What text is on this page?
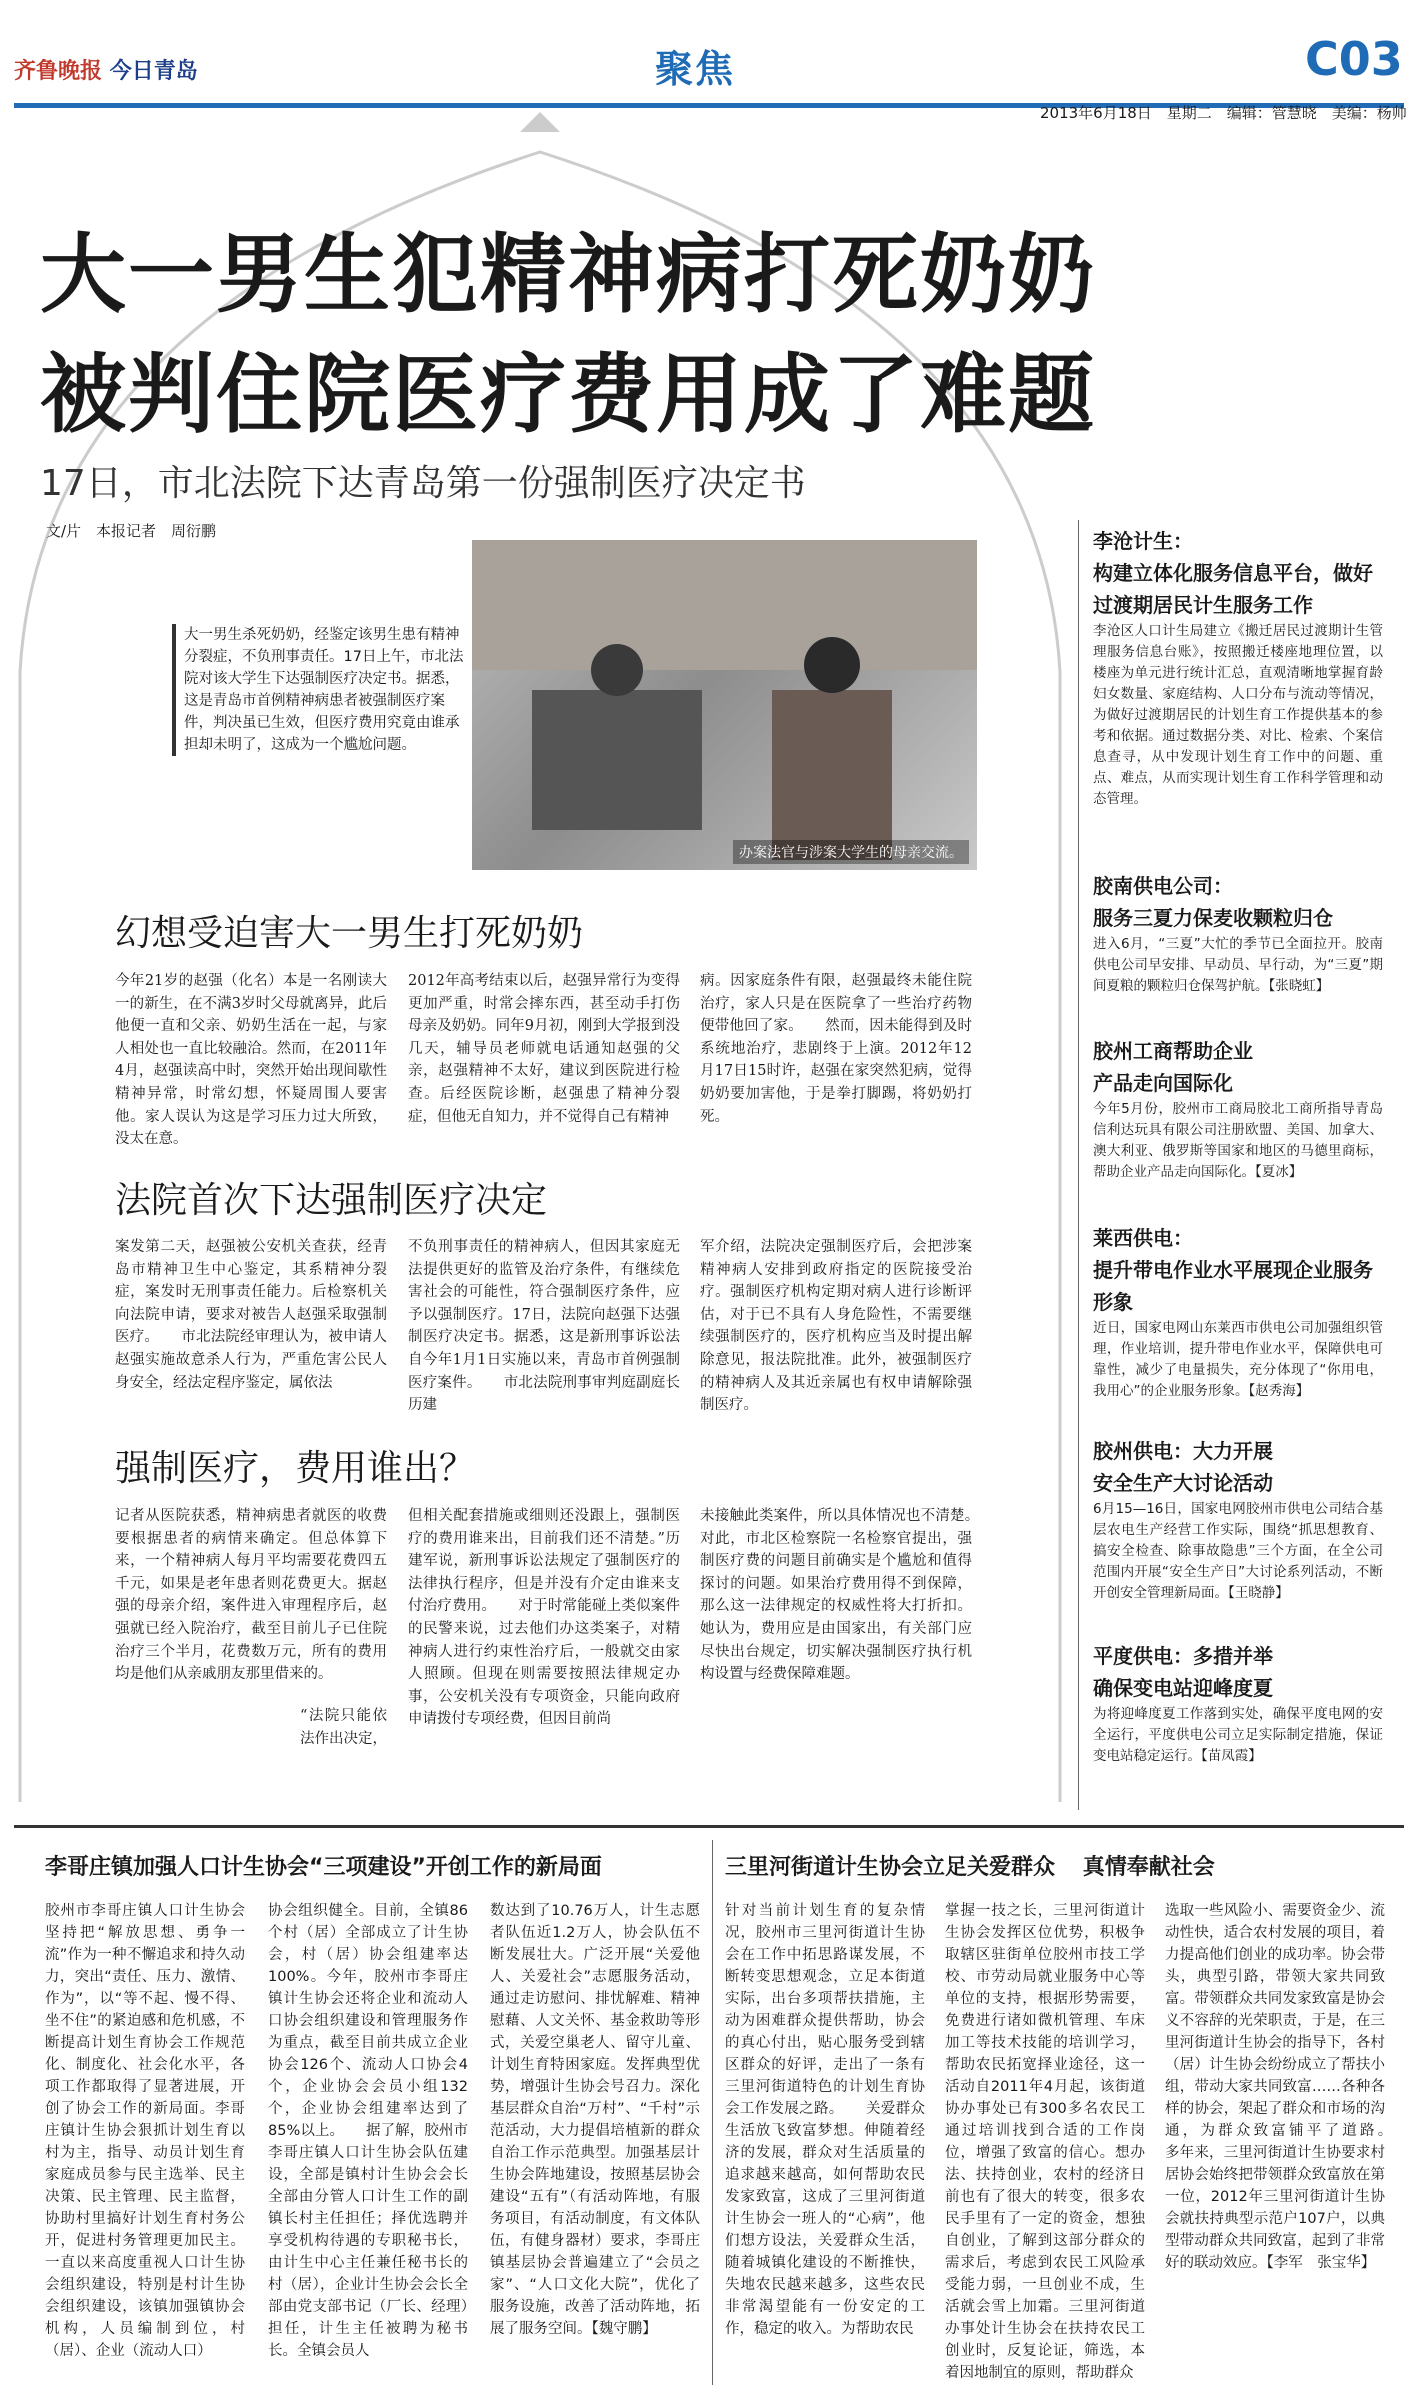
齐鲁晚报 今日青岛	聚焦	C03
2013年6月18日　星期二　编辑：管慧晓　美编：杨帅
大一男生犯精神病打死奶奶
被判住院医疗费用成了难题
17日，市北法院下达青岛第一份强制医疗决定书
文/片　本报记者　周衍鹏
大一男生杀死奶奶，经鉴定该男生患有精神分裂症，不负刑事责任。17日上午，市北法院对该大学生下达强制医疗决定书。据悉，这是青岛市首例精神病患者被强制医疗案件，判决虽已生效，但医疗费用究竟由谁承担却未明了，这成为一个尴尬问题。
办案法官与涉案大学生的母亲交流。
幻想受迫害大一男生打死奶奶
今年21岁的赵强（化名）本是一名刚读大一的新生，在不满3岁时父母就离异，此后他便一直和父亲、奶奶生活在一起，与家人相处也一直比较融洽。然而，在2011年4月，赵强读高中时，突然开始出现间歇性精神异常，时常幻想，怀疑周围人要害他。家人误认为这是学习压力过大所致，没太在意。
2012年高考结束以后，赵强异常行为变得更加严重，时常会摔东西，甚至动手打伤母亲及奶奶。同年9月初，刚到大学报到没几天，辅导员老师就电话通知赵强的父亲，赵强精神不太好，建议到医院进行检查。后经医院诊断，赵强患了精神分裂症，但他无自知力，并不觉得自己有精神
病。因家庭条件有限，赵强最终未能住院治疗，家人只是在医院拿了一些治疗药物便带他回了家。　　然而，因未能得到及时系统地治疗，悲剧终于上演。2012年12月17日15时许，赵强在家突然犯病，觉得奶奶要加害他，于是拳打脚踢，将奶奶打死。
法院首次下达强制医疗决定
案发第二天，赵强被公安机关查获，经青岛市精神卫生中心鉴定，其系精神分裂症，案发时无刑事责任能力。后检察机关向法院申请，要求对被告人赵强采取强制医疗。　　市北法院经审理认为，被申请人赵强实施故意杀人行为，严重危害公民人身安全，经法定程序鉴定，属依法
不负刑事责任的精神病人，但因其家庭无法提供更好的监管及治疗条件，有继续危害社会的可能性，符合强制医疗条件，应予以强制医疗。17日，法院向赵强下达强制医疗决定书。据悉，这是新刑事诉讼法自今年1月1日实施以来，青岛市首例强制医疗案件。　　市北法院刑事审判庭副庭长历建
军介绍，法院决定强制医疗后，会把涉案精神病人安排到政府指定的医院接受治疗。强制医疗机构定期对病人进行诊断评估，对于已不具有人身危险性，不需要继续强制医疗的，医疗机构应当及时提出解除意见，报法院批准。此外，被强制医疗的精神病人及其近亲属也有权申请解除强制医疗。
强制医疗，费用谁出？
记者从医院获悉，精神病患者就医的收费要根据患者的病情来确定。但总体算下来，一个精神病人每月平均需要花费四五千元，如果是老年患者则花费更大。据赵强的母亲介绍，案件进入审理程序后，赵强就已经入院治疗，截至目前儿子已住院治疗三个半月，花费数万元，所有的费用均是他们从亲戚朋友那里借来的。
“法院只能依法作出决定，
但相关配套措施或细则还没跟上，强制医疗的费用谁来出，目前我们还不清楚。”历建军说，新刑事诉讼法规定了强制医疗的法律执行程序，但是并没有介定由谁来支付治疗费用。　　对于时常能碰上类似案件的民警来说，过去他们办这类案子，对精神病人进行约束性治疗后，一般就交由家人照顾。但现在则需要按照法律规定办事，公安机关没有专项资金，只能向政府申请拨付专项经费，但因目前尚
未接触此类案件，所以具体情况也不清楚。　　对此，市北区检察院一名检察官提出，强制医疗费的问题目前确实是个尴尬和值得探讨的问题。如果治疗费用得不到保障，那么这一法律规定的权威性将大打折扣。她认为，费用应是由国家出，有关部门应尽快出台规定，切实解决强制医疗执行机构设置与经费保障难题。
李沧计生：
构建立体化服务信息平台，做好过渡期居民计生服务工作
李沧区人口计生局建立《搬迁居民过渡期计生管理服务信息台账》，按照搬迁楼座地理位置，以楼座为单元进行统计汇总，直观清晰地掌握育龄妇女数量、家庭结构、人口分布与流动等情况，为做好过渡期居民的计划生育工作提供基本的参考和依据。通过数据分类、对比、检索、个案信息查寻，从中发现计划生育工作中的问题、重点、难点，从而实现计划生育工作科学管理和动态管理。
胶南供电公司：
服务三夏力保麦收颗粒归仓
进入6月，“三夏”大忙的季节已全面拉开。胶南供电公司早安排、早动员、早行动，为“三夏”期间夏粮的颗粒归仓保驾护航。【张晓虹】
胶州工商帮助企业
产品走向国际化
今年5月份，胶州市工商局胶北工商所指导青岛信利达玩具有限公司注册欧盟、美国、加拿大、澳大利亚、俄罗斯等国家和地区的马德里商标，帮助企业产品走向国际化。【夏冰】
莱西供电：
提升带电作业水平展现企业服务形象
近日，国家电网山东莱西市供电公司加强组织管理，作业培训，提升带电作业水平，保障供电可靠性，减少了电量损失，充分体现了“你用电，我用心”的企业服务形象。【赵秀海】
胶州供电：大力开展
安全生产大讨论活动
6月15—16日，国家电网胶州市供电公司结合基层农电生产经营工作实际，围绕“抓思想教育、搞安全检查、除事故隐患”三个方面，在全公司范围内开展“安全生产日”大讨论系列活动，不断开创安全管理新局面。【王晓静】
平度供电：多措并举
确保变电站迎峰度夏
为将迎峰度夏工作落到实处，确保平度电网的安全运行，平度供电公司立足实际制定措施，保证变电站稳定运行。【苗凤霞】
李哥庄镇加强人口计生协会“三项建设”开创工作的新局面
胶州市李哥庄镇人口计生协会坚持把“解放思想、勇争一流”作为一种不懈追求和持久动力，突出“责任、压力、激情、作为”，以“等不起、慢不得、坐不住”的紧迫感和危机感，不断提高计划生育协会工作规范化、制度化、社会化水平，各项工作都取得了显著进展，开创了协会工作的新局面。李哥庄镇计生协会狠抓计划生育以村为主，指导、动员计划生育家庭成员参与民主选举、民主决策、民主管理、民主监督，协助村里搞好计划生育村务公开，促进村务管理更加民主。一直以来高度重视人口计生协会组织建设，特别是村计生协会组织建设，该镇加强镇协会机构，人员编制到位，村（居）、企业（流动人口）
协会组织健全。目前，全镇86个村（居）全部成立了计生协会，村（居）协会组建率达100%。今年，胶州市李哥庄镇计生协会还将企业和流动人口协会组织建设和管理服务作为重点，截至目前共成立企业协会126个、流动人口协会4个，企业协会会员小组132个，企业协会组建率达到了85%以上。　　据了解，胶州市李哥庄镇人口计生协会队伍建设，全部是镇村计生协会会长全部由分管人口计生工作的副镇长村主任担任；择优选聘并享受机构待遇的专职秘书长，由计生中心主任兼任秘书长的村（居），企业计生协会会长全部由党支部书记（厂长、经理）担任，计生主任被聘为秘书长。全镇会员人
数达到了10.76万人，计生志愿者队伍近1.2万人，协会队伍不断发展壮大。广泛开展“关爱他人、关爱社会”志愿服务活动，通过走访慰问、排忧解难、精神慰藉、人文关怀、基金救助等形式，关爱空巢老人、留守儿童、计划生育特困家庭。发挥典型优势，增强计生协会号召力。深化基层群众自治“万村”、“千村”示范活动，大力提倡培植新的群众自治工作示范典型。加强基层计生协会阵地建设，按照基层协会建设“五有”（有活动阵地，有服务项目，有活动制度，有文体队伍，有健身器材）要求，李哥庄镇基层协会普遍建立了“会员之家”、“人口文化大院”，优化了服务设施，改善了活动阵地，拓展了服务空间。【魏守鹏】
三里河街道计生协会立足关爱群众 真情奉献社会
针对当前计划生育的复杂情况，胶州市三里河街道计生协会在工作中拓思路谋发展，不断转变思想观念，立足本街道实际，出台多项帮扶措施，主动为困难群众提供帮助，协会的真心付出，贴心服务受到辖区群众的好评，走出了一条有三里河街道特色的计划生育协会工作发展之路。　　关爱群众生活放飞致富梦想。伸随着经济的发展，群众对生活质量的追求越来越高，如何帮助农民发家致富，这成了三里河街道计生协会一班人的“心病”，他们想方设法，关爱群众生活，随着城镇化建设的不断推快，失地农民越来越多，这些农民非常渴望能有一份安定的工作，稳定的收入。为帮助农民
掌握一技之长，三里河街道计生协会发挥区位优势，积极争取辖区驻街单位胶州市技工学校、市劳动局就业服务中心等单位的支持，根据形势需要，免费进行诸如微机管理、车床加工等技术技能的培训学习，帮助农民拓宽择业途径，这一活动自2011年4月起，该街道协办事处已有300多名农民工通过培训找到合适的工作岗位，增强了致富的信心。想办法、扶持创业，农村的经济日前也有了很大的转变，很多农民手里有了一定的资金，想独自创业，了解到这部分群众的需求后，考虑到农民工风险承受能力弱，一旦创业不成，生活就会雪上加霜。三里河街道办事处计生协会在扶持农民工创业时，反复论证，筛选，本着因地制宜的原则，帮助群众
选取一些风险小、需要资金少、流动性快，适合农村发展的项目，着力提高他们创业的成功率。协会带头，典型引路，带领大家共同致富。带领群众共同发家致富是协会义不容辞的光荣职责，于是，在三里河街道计生协会的指导下，各村（居）计生协会纷纷成立了帮扶小组，带动大家共同致富……各种各样的协会，架起了群众和市场的沟通，为群众致富铺平了道路。　　多年来，三里河街道计生协要求村居协会始终把带领群众致富放在第一位，2012年三里河街道计生协会就扶持典型示范户107户，以典型带动群众共同致富，起到了非常好的联动效应。【李军　张宝华】
